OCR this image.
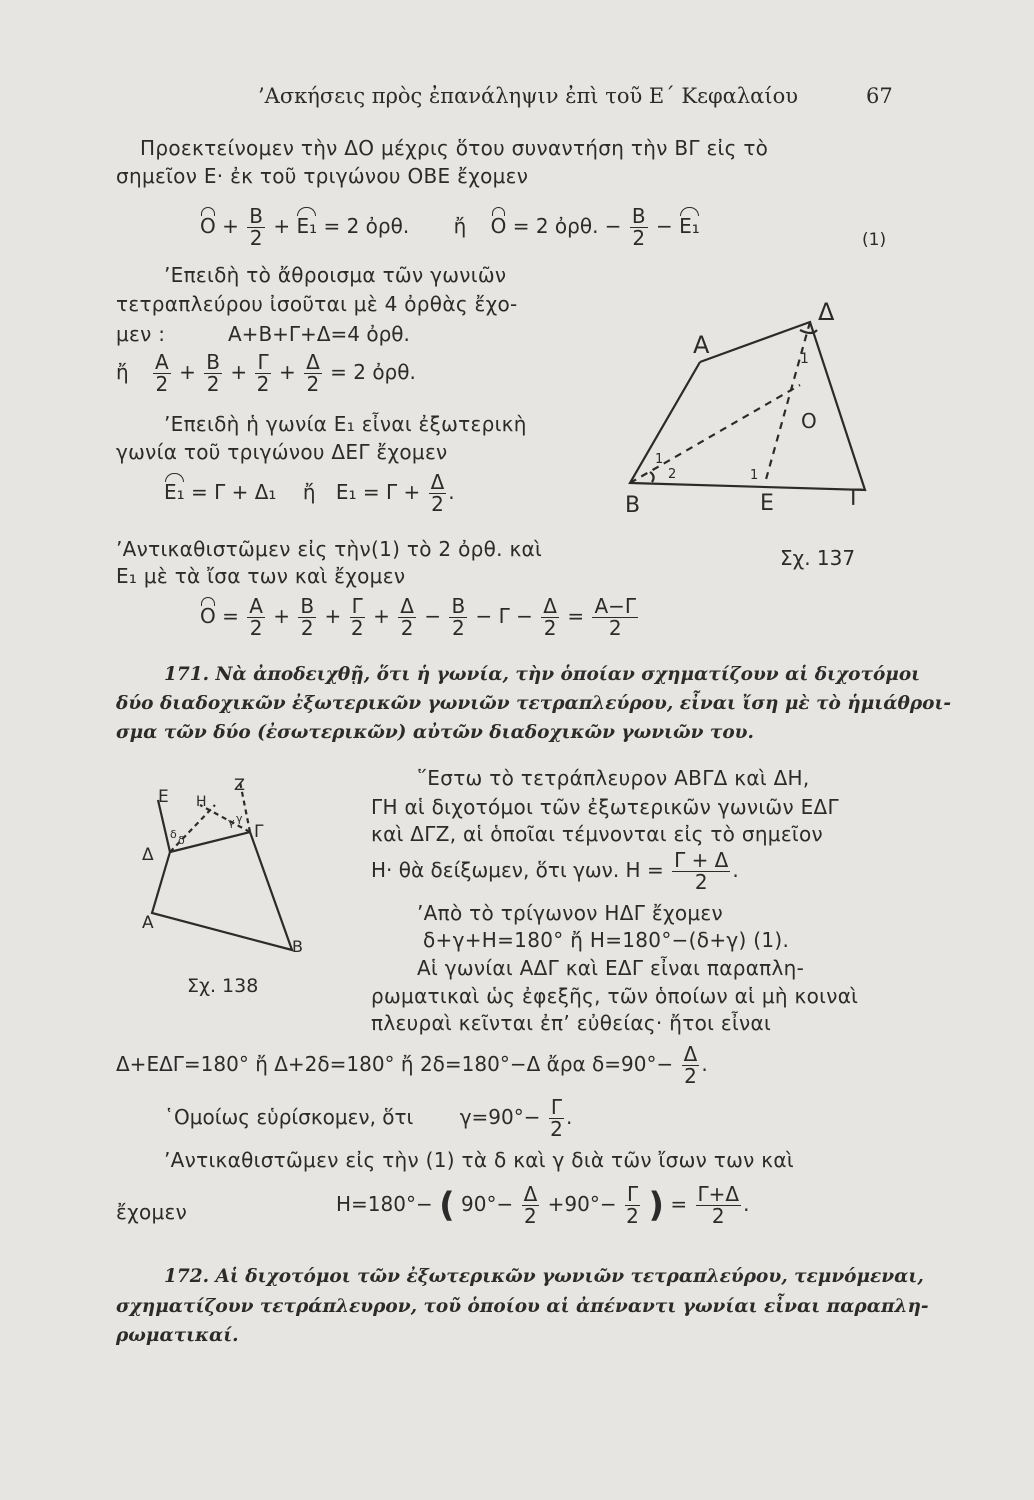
’Ασκήσεις πρὸς ἐπανάληψιν ἐπὶ τοῦ Ε΄ Κεφαλαίου	67
Προεκτείνομεν τὴν ΔΟ μέχρις ὅτου συναντήση τὴν ΒΓ εἰς τὸ
σημεῖον Ε· ἐκ τοῦ τριγώνου ΟΒΕ ἔχομεν
$O + \frac{B}{2} + E_1 = 2$ ὀρθ. ἤ O = 2 ὀρθ. − $\frac{B}{2} - E_1$
(1)
’Επειδὴ τὸ ἄθροισμα τῶν γωνιῶν
τετραπλεύρου ἰσοῦται μὲ 4 ὀρθὰς ἔχο-
μεν :	Α+Β+Γ+Δ=4 ὀρθ.
ἤ $\frac{A}{2} + \frac{B}{2} + \frac{\Gamma}{2} + \frac{\Delta}{2} = 2$ ὀρθ.
’Επειδὴ ἡ γωνία Ε₁ εἶναι ἐξωτερικὴ
γωνία τοῦ τριγώνου ΔΕΓ ἔχομεν
Ε₁ = Γ + Δ₁ ἤ $E_1 = \Gamma + \frac{\Delta}{2}$ .
’Αντικαθιστῶμεν εἰς τὴν(1) τὸ 2 ὀρθ. καὶ
Ε₁ μὲ τὰ ἴσα των καὶ ἔχομεν
$O = \frac{A}{2} + \frac{B}{2} + \frac{\Gamma}{2} + \frac{\Delta}{2} - \frac{B}{2} - \Gamma - \frac{\Delta}{2} = \frac{A-\Gamma}{2}$
A
Δ
B	E	Γ
O
1
1
2	1
Σχ. 137
171. Νὰ ἀποδειχθῇ, ὅτι ἡ γωνία, τὴν ὁποίαν σχηματίζουν αἱ διχοτόμοι
δύο διαδοχικῶν ἐξωτερικῶν γωνιῶν τετραπλεύρου, εἶναι ἴση μὲ τὸ ἡμιάθροι-
σμα τῶν δύο (ἐσωτερικῶν) αὐτῶν διαδοχικῶν γωνιῶν του.
῞Εστω τὸ τετράπλευρον ΑΒΓΔ καὶ ΔΗ,
ΓΗ αἱ διχοτόμοι τῶν ἐξωτερικῶν γωνιῶν ΕΔΓ
καὶ ΔΓΖ, αἱ ὁποῖαι τέμνονται εἰς τὸ σημεῖον
Η· θὰ δείξωμεν, ὅτι γων. $H = \frac{\Gamma + \Delta}{2}$ .
’Απὸ τὸ τρίγωνον ΗΔΓ ἔχομεν
δ+γ+Η=180° ἤ Η=180°−(δ+γ) (1).
Αἱ γωνίαι ΑΔΓ καὶ ΕΔΓ εἶναι παραπλη-
ρωματικαὶ ὡς ἐφεξῆς, τῶν ὁποίων αἱ μὴ κοιναὶ
πλευραὶ κεῖνται ἐπ’ εὐθείας· ἤτοι εἶναι
E H
Z
Γ
Δ
A
B
δ δ
γ γ
Σχ. 138
Δ+ΕΔΓ=180° ἤ Δ+2δ=180° ἤ 2δ=180°−Δ ἄρα $\delta=90^\circ- \frac{\Delta}{2}$ .
῾Ομοίως εὑρίσκομεν, ὅτι $\gamma=90^\circ- \frac{\Gamma}{2}$ .
’Αντικαθιστῶμεν εἰς τὴν (1) τὰ δ καὶ γ διὰ τῶν ἴσων των καὶ
ἔχομεν	Η=180°− ( $90^\circ- \frac{\Delta}{2} +90^\circ- \frac{\Gamma}{2}$ ) = $\frac{\Gamma+\Delta}{2}$ .
172. Αἱ διχοτόμοι τῶν ἐξωτερικῶν γωνιῶν τετραπλεύρου, τεμνόμεναι,
σχηματίζουν τετράπλευρον, τοῦ ὁποίου αἱ ἀπέναντι γωνίαι εἶναι παραπλη-
ρωματικαί.
